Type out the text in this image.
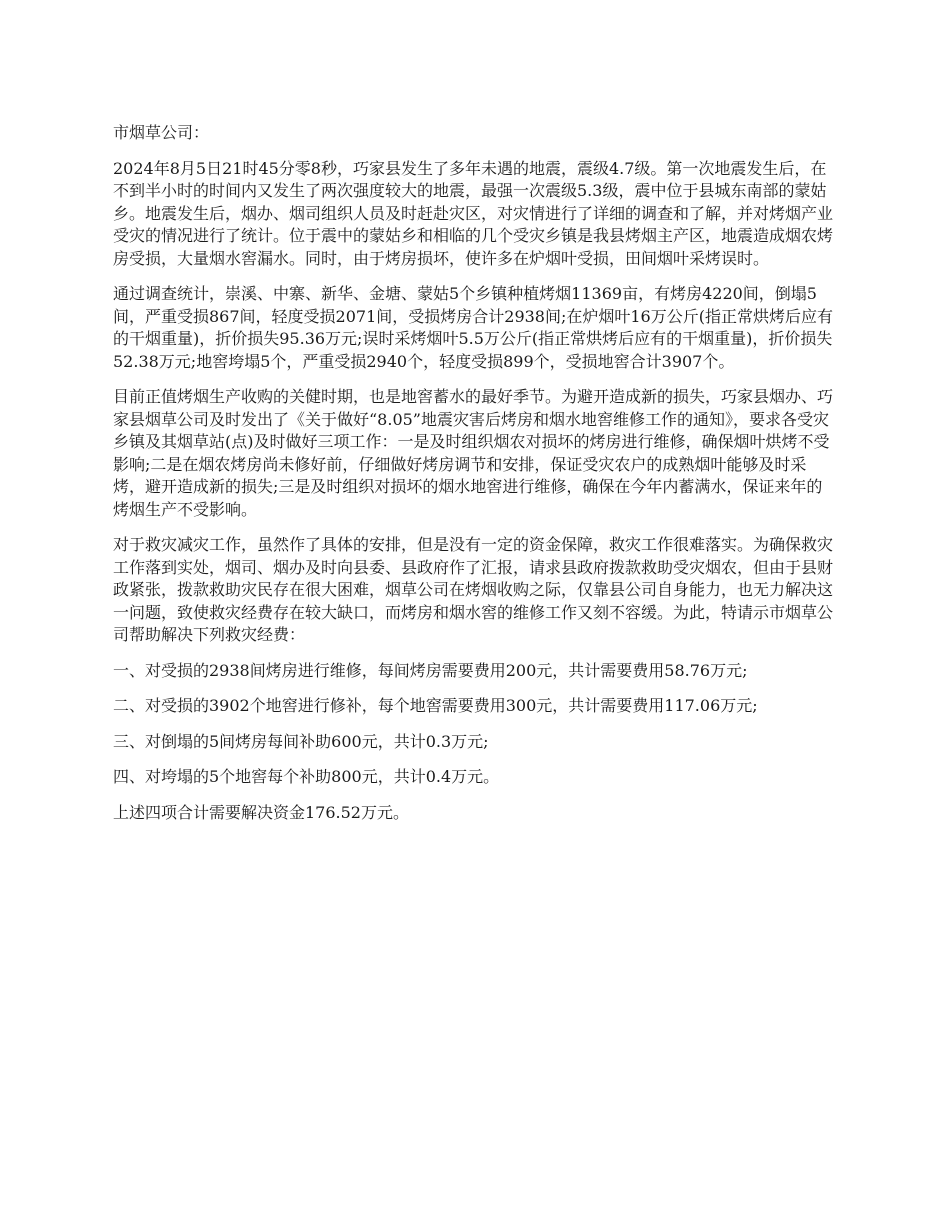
市烟草公司：

2024年8月5日21时45分零8秒，巧家县发生了多年未遇的地震，震级4.7级。第一次地震发生后，在不到半小时的时间内又发生了两次强度较大的地震，最强一次震级5.3级，震中位于县城东南部的蒙姑乡。地震发生后，烟办、烟司组织人员及时赶赴灾区，对灾情进行了详细的调查和了解，并对烤烟产业受灾的情况进行了统计。位于震中的蒙姑乡和相临的几个受灾乡镇是我县烤烟主产区，地震造成烟农烤房受损，大量烟水窖漏水。同时，由于烤房损坏，使许多在炉烟叶受损，田间烟叶采烤误时。

通过调查统计，崇溪、中寨、新华、金塘、蒙姑5个乡镇种植烤烟11369亩，有烤房4220间，倒塌5间，严重受损867间，轻度受损2071间，受损烤房合计2938间;在炉烟叶16万公斤(指正常烘烤后应有的干烟重量)，折价损失95.36万元;误时采烤烟叶5.5万公斤(指正常烘烤后应有的干烟重量)，折价损失52.38万元;地窖垮塌5个，严重受损2940个，轻度受损899个，受损地窖合计3907个。

目前正值烤烟生产收购的关健时期，也是地窖蓄水的最好季节。为避开造成新的损失，巧家县烟办、巧家县烟草公司及时发出了《关于做好“8.05”地震灾害后烤房和烟水地窖维修工作的通知》，要求各受灾乡镇及其烟草站(点)及时做好三项工作：一是及时组织烟农对损坏的烤房进行维修，确保烟叶烘烤不受影响;二是在烟农烤房尚未修好前，仔细做好烤房调节和安排，保证受灾农户的成熟烟叶能够及时采烤，避开造成新的损失;三是及时组织对损坏的烟水地窖进行维修，确保在今年内蓄满水，保证来年的烤烟生产不受影响。

对于救灾减灾工作，虽然作了具体的安排，但是没有一定的资金保障，救灾工作很难落实。为确保救灾工作落到实处，烟司、烟办及时向县委、县政府作了汇报，请求县政府拨款救助受灾烟农，但由于县财政紧张，拨款救助灾民存在很大困难，烟草公司在烤烟收购之际，仅靠县公司自身能力，也无力解决这一问题，致使救灾经费存在较大缺口，而烤房和烟水窖的维修工作又刻不容缓。为此，特请示市烟草公司帮助解决下列救灾经费：

一、对受损的2938间烤房进行维修，每间烤房需要费用200元，共计需要费用58.76万元;

二、对受损的3902个地窖进行修补，每个地窖需要费用300元，共计需要费用117.06万元;

三、对倒塌的5间烤房每间补助600元，共计0.3万元;

四、对垮塌的5个地窖每个补助800元，共计0.4万元。

上述四项合计需要解决资金176.52万元。
